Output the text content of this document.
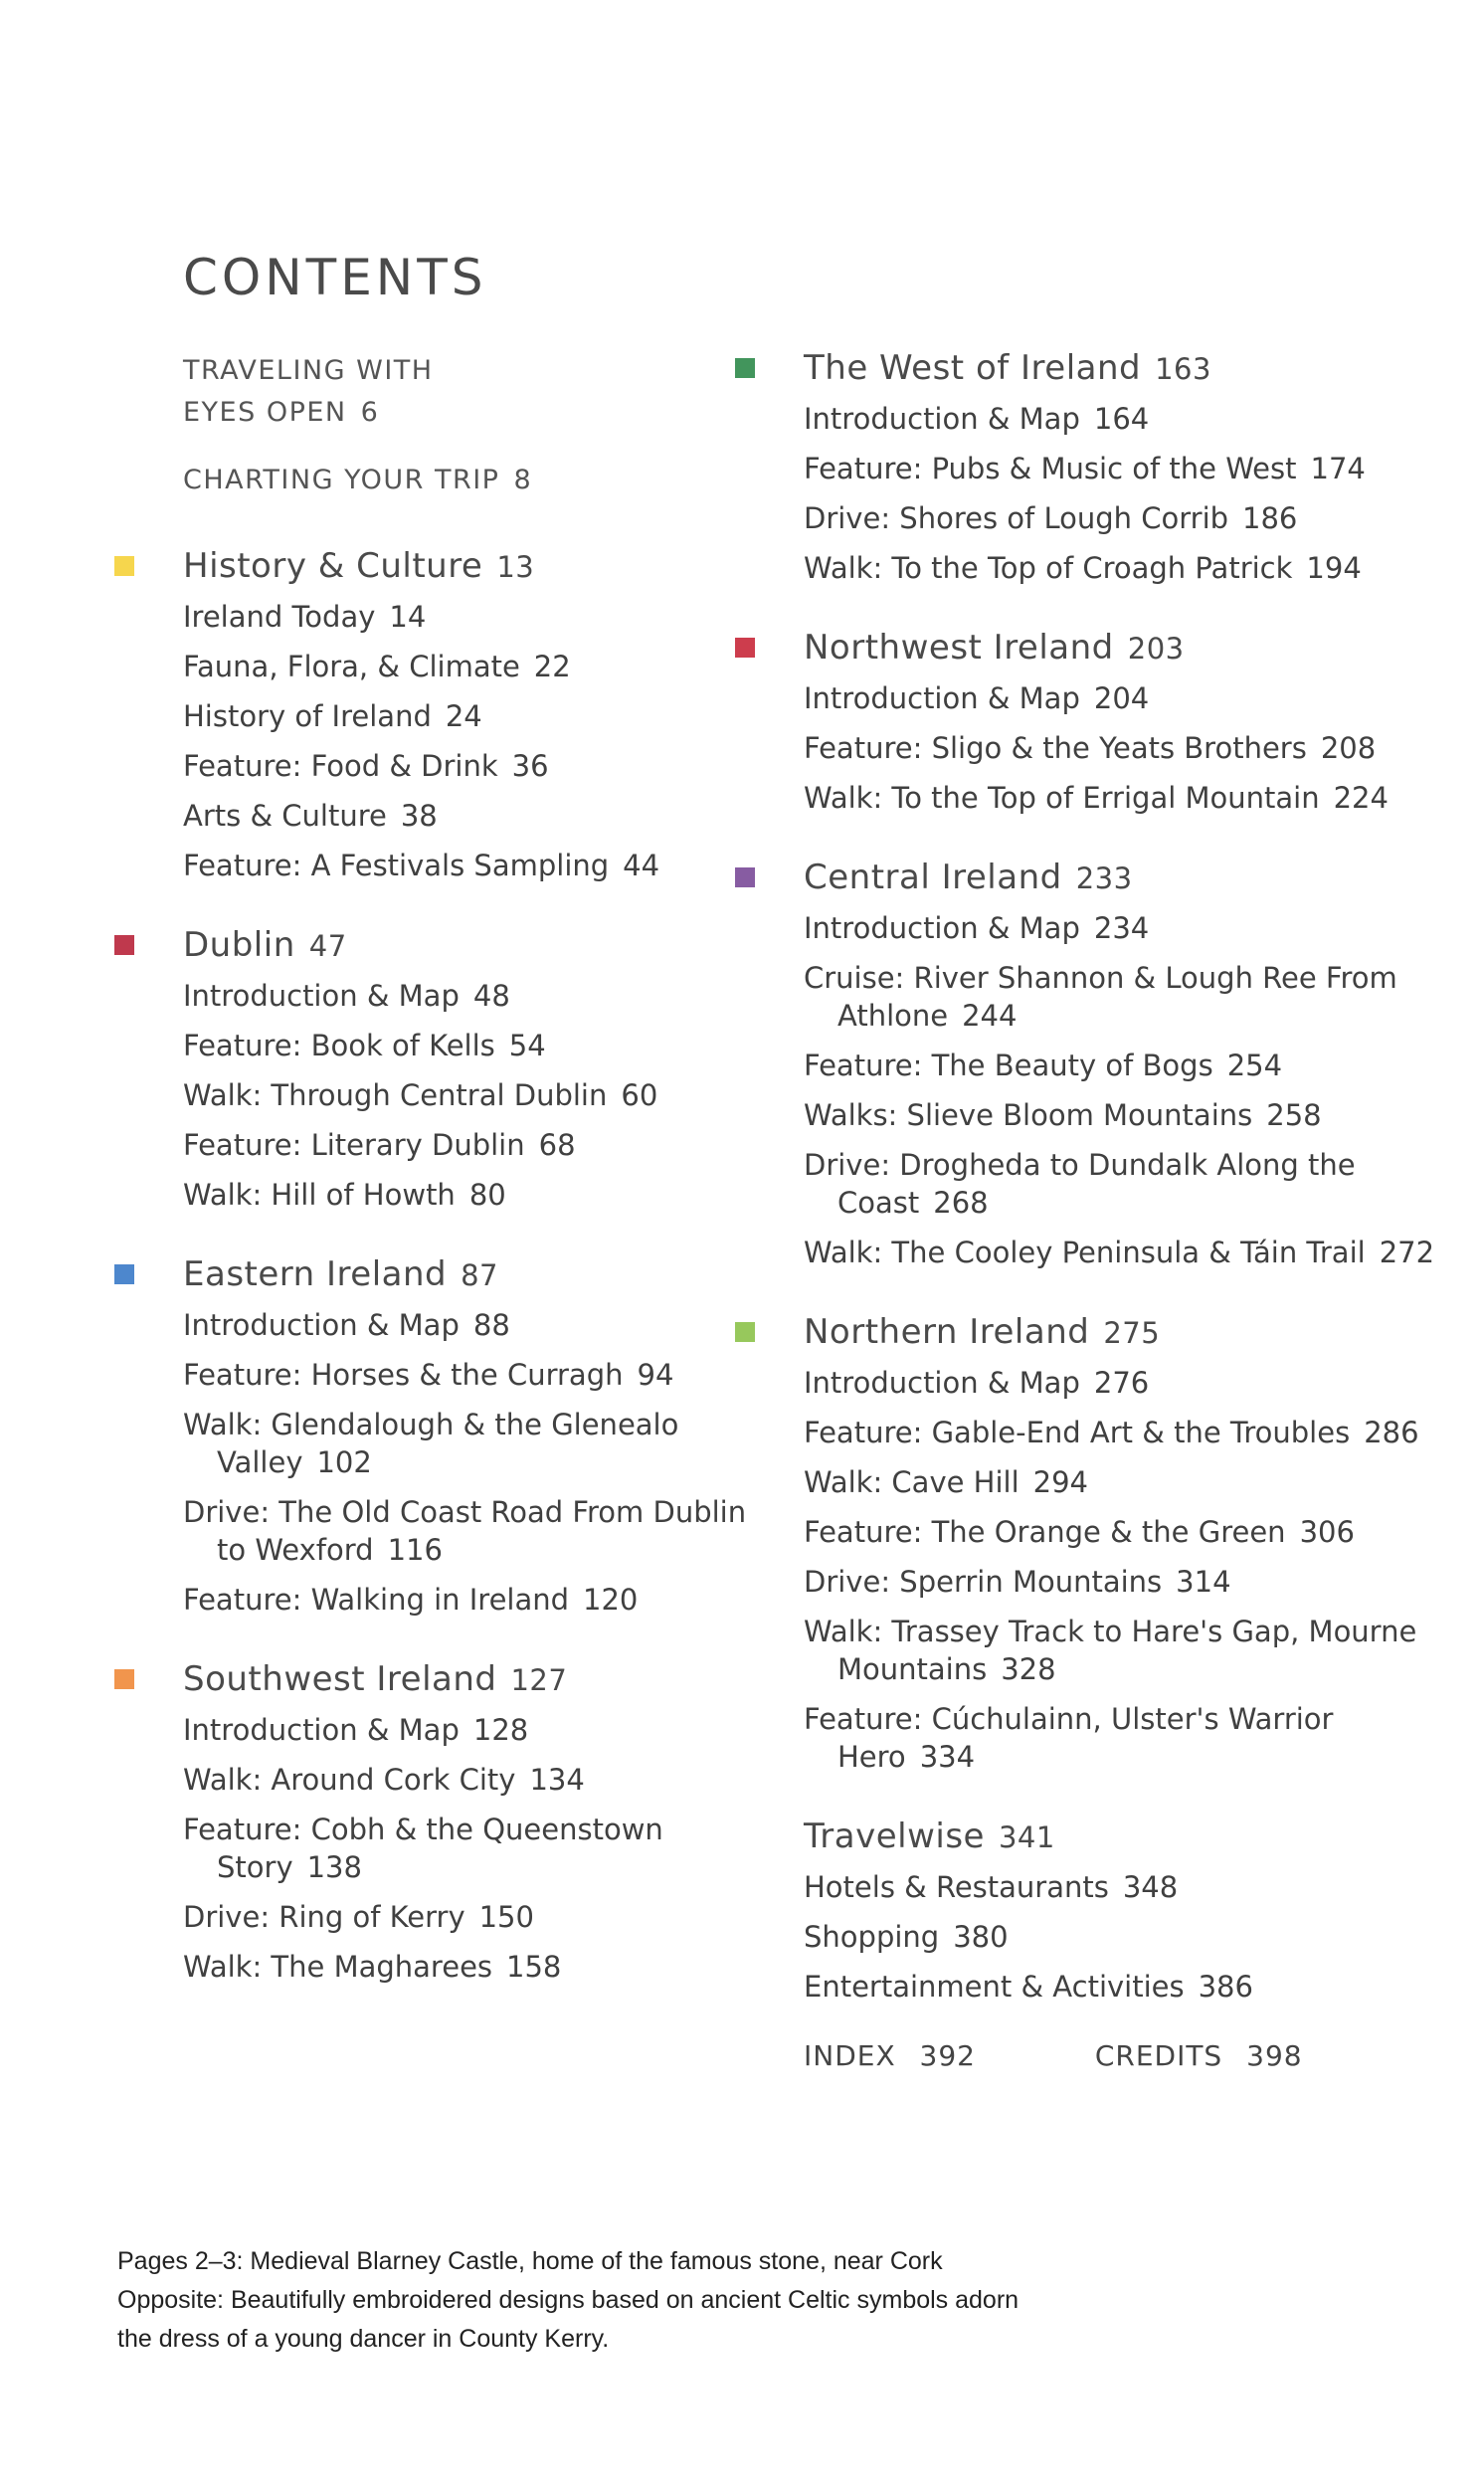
CONTENTS
TRAVELING WITH
EYES OPEN 6
CHARTING YOUR TRIP 8
History & Culture 13
Ireland Today 14
Fauna, Flora, & Climate 22
History of Ireland 24
Feature: Food & Drink 36
Arts & Culture 38
Feature: A Festivals Sampling 44
Dublin 47
Introduction & Map 48
Feature: Book of Kells 54
Walk: Through Central Dublin 60
Feature: Literary Dublin 68
Walk: Hill of Howth 80
Eastern Ireland 87
Introduction & Map 88
Feature: Horses & the Curragh 94
Walk: Glendalough & the Glenealo Valley 102
Drive: The Old Coast Road From Dublin to Wexford 116
Feature: Walking in Ireland 120
Southwest Ireland 127
Introduction & Map 128
Walk: Around Cork City 134
Feature: Cobh & the Queenstown Story 138
Drive: Ring of Kerry 150
Walk: The Magharees 158
The West of Ireland 163
Introduction & Map 164
Feature: Pubs & Music of the West 174
Drive: Shores of Lough Corrib 186
Walk: To the Top of Croagh Patrick 194
Northwest Ireland 203
Introduction & Map 204
Feature: Sligo & the Yeats Brothers 208
Walk: To the Top of Errigal Mountain 224
Central Ireland 233
Introduction & Map 234
Cruise: River Shannon & Lough Ree From Athlone 244
Feature: The Beauty of Bogs 254
Walks: Slieve Bloom Mountains 258
Drive: Drogheda to Dundalk Along the Coast 268
Walk: The Cooley Peninsula & Táin Trail 272
Northern Ireland 275
Introduction & Map 276
Feature: Gable-End Art & the Troubles 286
Walk: Cave Hill 294
Feature: The Orange & the Green 306
Drive: Sperrin Mountains 314
Walk: Trassey Track to Hare's Gap, Mourne Mountains 328
Feature: Cúchulainn, Ulster's Warrior Hero 334
Travelwise 341
Hotels & Restaurants 348
Shopping 380
Entertainment & Activities 386
INDEX 392	CREDITS 398
Pages 2–3: Medieval Blarney Castle, home of the famous stone, near Cork
Opposite: Beautifully embroidered designs based on ancient Celtic symbols adorn
the dress of a young dancer in County Kerry.
